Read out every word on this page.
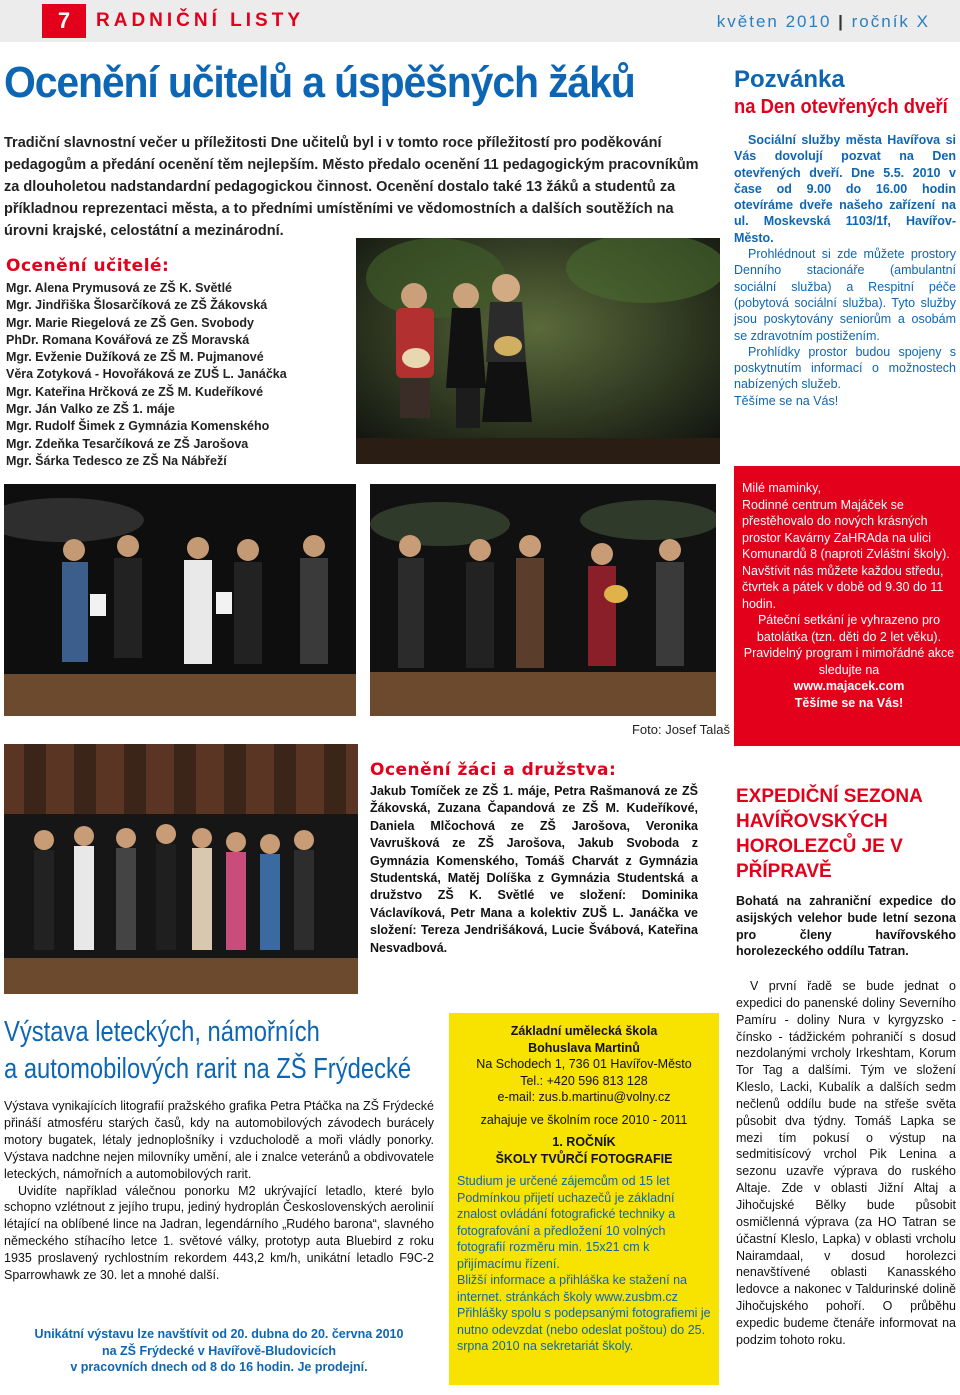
7	RADNIČNÍ LISTY	květen 2010 | ročník X
Ocenění učitelů a úspěšných žáků
Tradiční slavnostní večer u příležitosti Dne učitelů byl i v tomto roce příležitostí pro poděkování pedagogům a předání ocenění těm nejlepším. Město předalo ocenění 11 pedagogickým pracovníkům za dlouholetou nadstandardní pedagogickou činnost. Ocenění dostalo také 13 žáků a studentů za příkladnou reprezentaci města, a to předními umístěními ve vědomostních a dalších soutěžích na úrovni krajské, celostátní a mezinárodní.
Ocenění učitelé:
Mgr. Alena Prymusová ze ZŠ K. Světlé
Mgr. Jindřiška Šlosarčíková ze ZŠ Žákovská
Mgr. Marie Riegelová ze ZŠ Gen. Svobody
PhDr. Romana Kovářová ze ZŠ Moravská
Mgr. Evženie Dužíková ze ZŠ M. Pujmanové
Věra Zotyková - Hovořáková ze ZUŠ L. Janáčka
Mgr. Kateřina Hrčková ze ZŠ M. Kudeříkové
Mgr. Ján Valko ze ZŠ 1. máje
Mgr. Rudolf Šimek z Gymnázia Komenského
Mgr. Zdeňka Tesarčíková ze ZŠ Jarošova
Mgr. Šárka Tedesco ze ZŠ Na Nábřeží
Foto: Josef Talaš
Ocenění žáci a družstva:
Jakub Tomíček ze ZŠ 1. máje, Petra Rašmanová ze ZŠ Žákovská, Zuzana Čapandová ze ZŠ M. Kudeříkové, Daniela Mlčochová ze ZŠ Jarošova, Veronika Vavrušková ze ZŠ Jarošova, Jakub Svoboda z Gymnázia Komenského, Tomáš Charvát z Gymnázia Studentská, Matěj Dolíška z Gymnázia Studentská a družstvo ZŠ K. Světlé ve složení: Dominika Václavíková, Petr Mana a kolektiv ZUŠ L. Janáčka ve složení: Tereza Jendrišáková, Lucie Švábová, Kateřina Nesvadbová.
Pozvánka
na Den otevřených dveří

Sociální služby města Havířova si Vás dovolují pozvat na Den otevřených dveří. Dne 5.5. 2010 v čase od 9.00 do 16.00 hodin otevíráme dveře našeho zařízení na ul. Moskevská 1103/1f, Havířov-Město.

Prohlédnout si zde můžete prostory Denního stacionáře (ambulantní sociální služba) a Respitní péče (pobytová sociální služba). Tyto služby jsou poskytovány seniorům a osobám se zdravotním postižením.

Prohlídky prostor budou spojeny s poskytnutím informací o možnostech nabízených služeb.

Těšíme se na Vás!

Milé maminky,
Rodinné centrum Majáček se přestěhovalo do nových krásných prostor Kavárny ZaHRAda na ulici Komunardů 8 (naproti Zvláštní školy).
Navštívit nás můžete každou středu, čtvrtek a pátek v době od 9.30 do 11 hodin.
Páteční setkání je vyhrazeno pro batolátka (tzn. děti do 2 let věku).
Pravidelný program i mimořádné akce sledujte na
www.majacek.com
Těšíme se na Vás!
EXPEDIČNÍ SEZONA HAVÍŘOVSKÝCH HOROLEZCŮ JE V PŘÍPRAVĚ
Bohatá na zahraniční expedice do asijských velehor bude letní sezona pro členy havířovského horolezeckého oddílu Tatran.
V první řadě se bude jednat o expedici do panenské doliny Severního Pamíru - doliny Nura v kyrgyzsko - čínsko - tádžickém pohraničí s dosud nezdolanými vrcholy Irkeshtam, Korum Tor Tag a dalšími. Tým ve složení Kleslo, Lacki, Kubalík a dalších sedm nečlenů oddílu bude na střeše světa působit dva týdny. Tomáš Lapka se mezi tím pokusí o výstup na sedmitisícový vrchol Pik Lenina a sezonu uzavře výprava do ruského Altaje. Zde v oblasti Jižní Altaj a Jihočujské Bělky bude působit osmičlenná výprava (za HO Tatran se účastní Kleslo, Lapka) v oblasti vrcholu Nairamdaal, v dosud horolezci nenavštívené oblasti Kanasského ledovce a nakonec v Taldurinské dolině Jihočujského pohoří. O průběhu expedic budeme čtenáře informovat na podzim tohoto roku.
Výstava leteckých, námořních
a automobilových rarit na ZŠ Frýdecké

Výstava vynikajících litografií pražského grafika Petra Ptáčka na ZŠ Frýdecké přináší atmosféru starých časů, kdy na automobilových závodech burácely motory bugatek, létaly jednoplošníky i vzducholodě a moři vládly ponorky. Výstava nadchne nejen milovníky umění, ale i znalce veteránů a obdivovatele leteckých, námořních a automobilových rarit.

Uvidíte například válečnou ponorku M2 ukrývající letadlo, které bylo schopno vzlétnout z jejího trupu, jediný hydroplán Československých aerolinií létající na oblíbené lince na Jadran, legendárního „Rudého barona“, slavného německého stíhacího letce 1. světové války, prototyp auta Bluebird z roku 1935 proslavený rychlostním rekordem 443,2 km/h, unikátní letadlo F9C-2 Sparrowhawk ze 30. let a mnohé další.

Unikátní výstavu lze navštívit od 20. dubna do 20. června 2010
na ZŠ Frýdecké v Havířově-Bludovicích
v pracovních dnech od 8 do 16 hodin. Je prodejní.

Základní umělecká škola

Bohuslava Martinů

Na Schodech 1, 736 01 Havířov-Město

Tel.: +420 596 813 128

e-mail: zus.b.martinu@volny.cz

zahajuje ve školním roce 2010 - 2011

1. ROČNÍK

ŠKOLY TVŮRČÍ FOTOGRAFIE

Studium je určené zájemcům od 15 let Podmínkou přijetí uchazečů je základní znalost ovládání fotografické techniky a fotografování a předložení 10 volných fotografií rozměru min. 15x21 cm k přijímacímu řízení.

Bližší informace a přihláška ke stažení na internet. stránkách školy www.zusbm.cz

Přihlášky spolu s podepsanými fotografiemi je nutno odevzdat (nebo odeslat poštou) do 25. srpna 2010 na sekretariát školy.
